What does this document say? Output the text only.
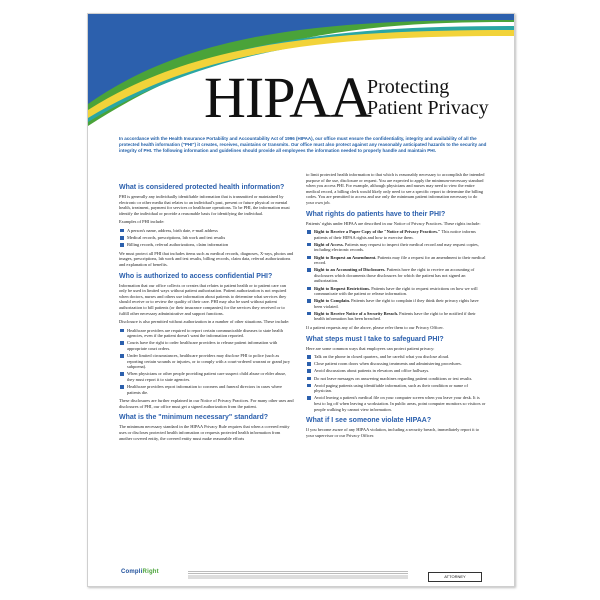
HIPAA
Protecting
Patient Privacy
In accordance with the Health Insurance Portability and Accountability Act of 1996 (HIPAA), our office must ensure the confidentiality, integrity and availability of all the protected health information ("PHI") it creates, receives, maintains or transmits. Our office must also protect against any reasonably anticipated hazards to the security and integrity of PHI. The following information and guidelines should provide all employees the information needed to properly handle and maintain PHI.
What is considered protected health information?
PHI is generally any individually identifiable information that is transmitted or maintained by electronic or other media that relates to an individual's past, present or future physical or mental health, treatment, payment for services or healthcare operations. To be PHI, the information must identify the individual or provide a reasonable basis for identifying the individual.
Examples of PHI include:
A person's name, address, birth date, e-mail address
Medical records, prescriptions, lab work and test results
Billing records, referral authorizations, claim information
We must protect all PHI that includes items such as medical records, diagnoses, X-rays, photos and images, prescriptions, lab work and test results, billing records, claim data, referral authorizations and explanation of benefits.
Who is authorized to access confidential PHI?
Information that our office collects or creates that relates to patient health or to patient care can only be used in limited ways without patient authorization. Patient authorization is not required when doctors, nurses and others use information about patients to determine what services they should receive or to review the quality of their care. PHI may also be used without patient authorization to bill patients (or their insurance companies) for the services they received or to fulfill other necessary administrative and support functions.
Disclosure is also permitted without authorization in a number of other situations. These include:
Healthcare providers are required to report certain communicable diseases to state health agencies, even if the patient doesn't want the information reported.
Courts have the right to order healthcare providers to release patient information with appropriate court orders.
Under limited circumstances, healthcare providers may disclose PHI to police (such as reporting certain wounds or injuries, or to comply with a court-ordered warrant or grand jury subpoena).
When physicians or other people providing patient care suspect child abuse or elder abuse, they must report it to state agencies.
Healthcare providers report information to coroners and funeral directors in cases where patients die.
These disclosures are further explained in our Notice of Privacy Practices. For many other uses and disclosures of PHI, our office must get a signed authorization from the patient.
What is the "minimum necessary" standard?
The minimum necessary standard in the HIPAA Privacy Rule requires that when a covered entity uses or discloses protected health information or requests protected health information from another covered entity, the covered entity must make reasonable efforts
to limit protected health information to that which is reasonably necessary to accomplish the intended purpose of the use, disclosure or request. You are expected to apply the minimum-necessary standard when you access PHI. For example, although physicians and nurses may need to view the entire medical record, a billing clerk would likely only need to see a specific report to determine the billing codes. You are permitted to access and use only the minimum patient information necessary to do your own job.
What rights do patients have to their PHI?
Patients' rights under HIPAA are described in our Notice of Privacy Practices. These rights include:
Right to Receive a Paper Copy of the "Notice of Privacy Practices." This notice informs patients of their HIPAA rights and how to exercise them.
Right of Access. Patients may request to inspect their medical record and may request copies, including electronic records.
Right to Request an Amendment. Patients may file a request for an amendment to their medical record.
Right to an Accounting of Disclosures. Patients have the right to receive an accounting of disclosures which documents those disclosures for which the patient has not signed an authorization.
Right to Request Restrictions. Patients have the right to request restrictions on how we will communicate with the patient or release information.
Right to Complain. Patients have the right to complain if they think their privacy rights have been violated.
Right to Receive Notice of a Security Breach. Patients have the right to be notified if their health information has been breached.
If a patient requests any of the above, please refer them to our Privacy Officer.
What steps must I take to safeguard PHI?
Here are some common ways that employees can protect patient privacy:
Talk on the phone in closed quarters, and be careful what you disclose aloud.
Close patient room doors when discussing treatments and administering procedures.
Avoid discussions about patients in elevators and office hallways.
Do not leave messages on answering machines regarding patient conditions or test results.
Avoid paging patients using identifiable information, such as their condition or name of physician.
Avoid leaving a patient's medical file on your computer screen when you leave your desk. It is best to log off when leaving a workstation. In public areas, point computer monitors so visitors or people walking by cannot view information.
What if I see someone violate HIPAA?
If you become aware of any HIPAA violation, including a security breach, immediately report it to your supervisor or our Privacy Officer.
CompliRight
ATTORNEY
